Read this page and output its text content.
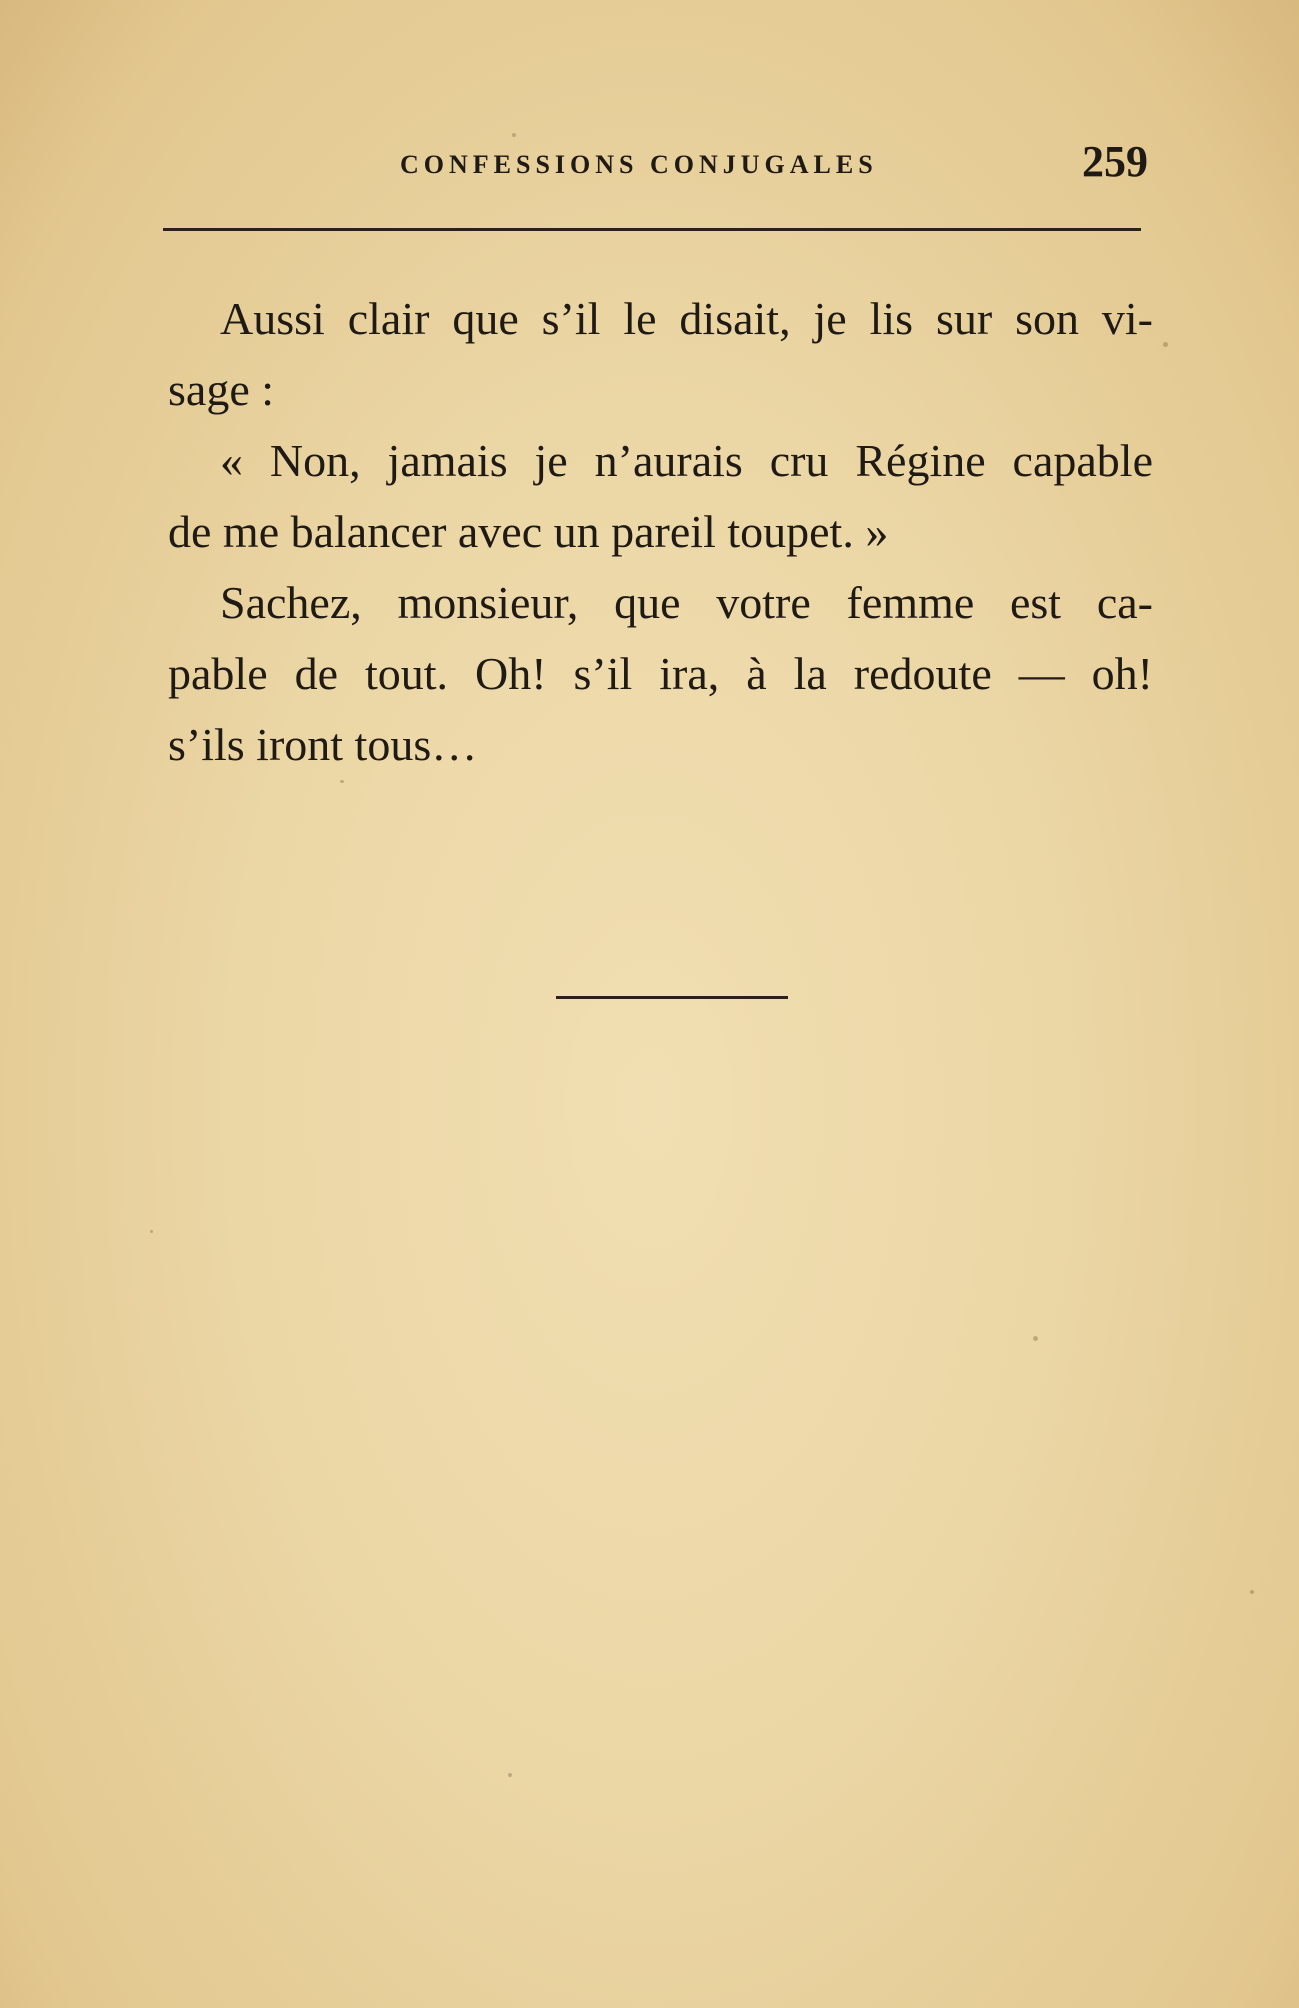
CONFESSIONS CONJUGALES	259
Aussi clair que s’il le disait, je lis sur son vi-
sage :
« Non, jamais je n’aurais cru Régine capable
de me balancer avec un pareil toupet. »
Sachez, monsieur, que votre femme est ca-
pable de tout. Oh! s’il ira, à la redoute — oh!
s’ils iront tous…
